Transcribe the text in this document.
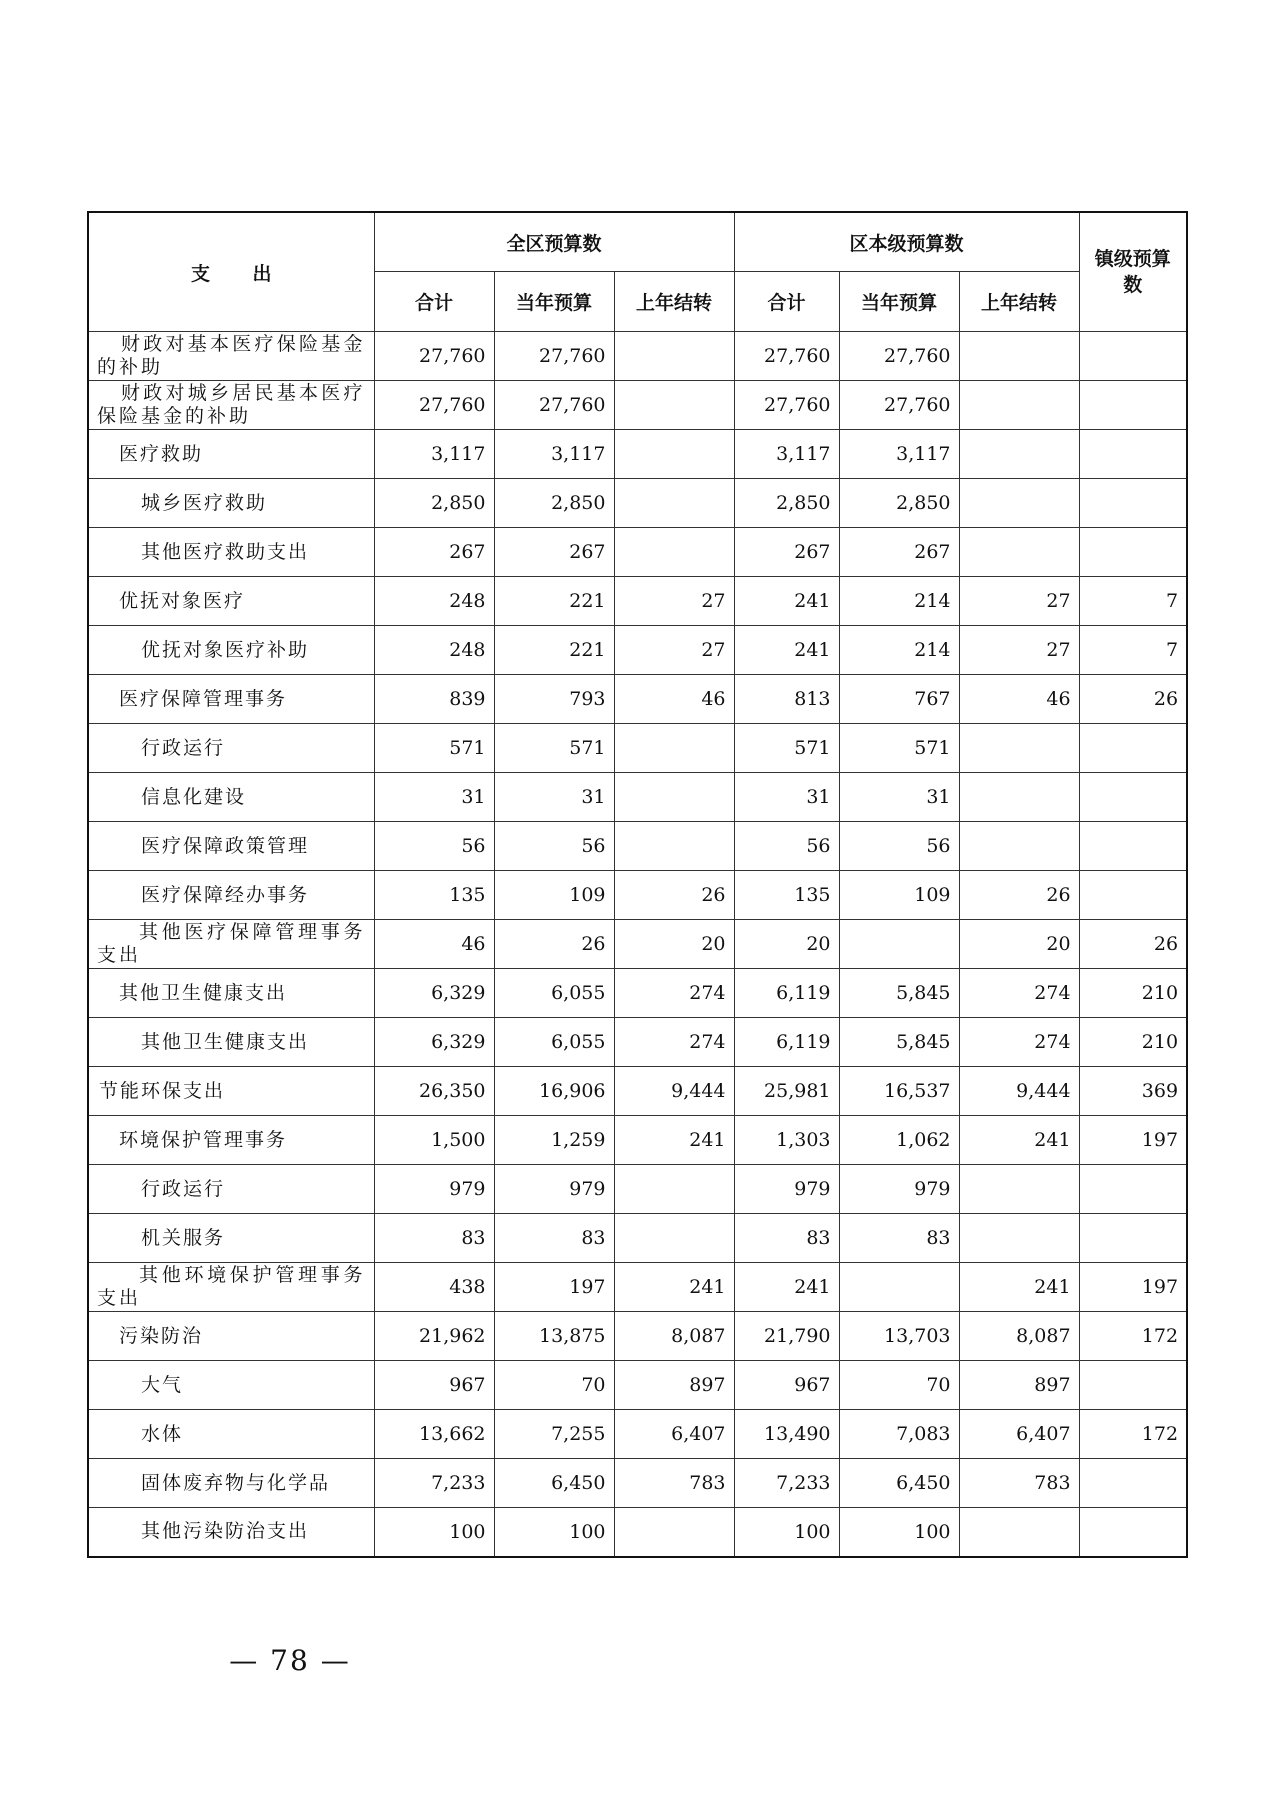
支 出	全区预算数			区本级预算数			镇级预算数
	合计	当年预算	上年结转	合计	当年预算	上年结转	

财政对基本医疗保险基金的补助	27,760	27,760		27,760	27,760		

财政对城乡居民基本医疗保险基金的补助	27,760	27,760		27,760	27,760		

医疗救助	3,117	3,117		3,117	3,117		

城乡医疗救助	2,850	2,850		2,850	2,850		

其他医疗救助支出	267	267		267	267		

优抚对象医疗	248	221	27	241	214	27	7

优抚对象医疗补助	248	221	27	241	214	27	7

医疗保障管理事务	839	793	46	813	767	46	26

行政运行	571	571		571	571		

信息化建设	31	31		31	31		

医疗保障政策管理	56	56		56	56		

医疗保障经办事务	135	109	26	135	109	26	

其他医疗保障管理事务支出	46	26	20	20		20	26

其他卫生健康支出	6,329	6,055	274	6,119	5,845	274	210

其他卫生健康支出	6,329	6,055	274	6,119	5,845	274	210

节能环保支出	26,350	16,906	9,444	25,981	16,537	9,444	369

环境保护管理事务	1,500	1,259	241	1,303	1,062	241	197

行政运行	979	979		979	979		

机关服务	83	83		83	83		

其他环境保护管理事务支出	438	197	241	241		241	197

污染防治	21,962	13,875	8,087	21,790	13,703	8,087	172

大气	967	70	897	967	70	897	

水体	13,662	7,255	6,407	13,490	7,083	6,407	172

固体废弃物与化学品	7,233	6,450	783	7,233	6,450	783	

其他污染防治支出	100	100		100	100		
— 78 —
